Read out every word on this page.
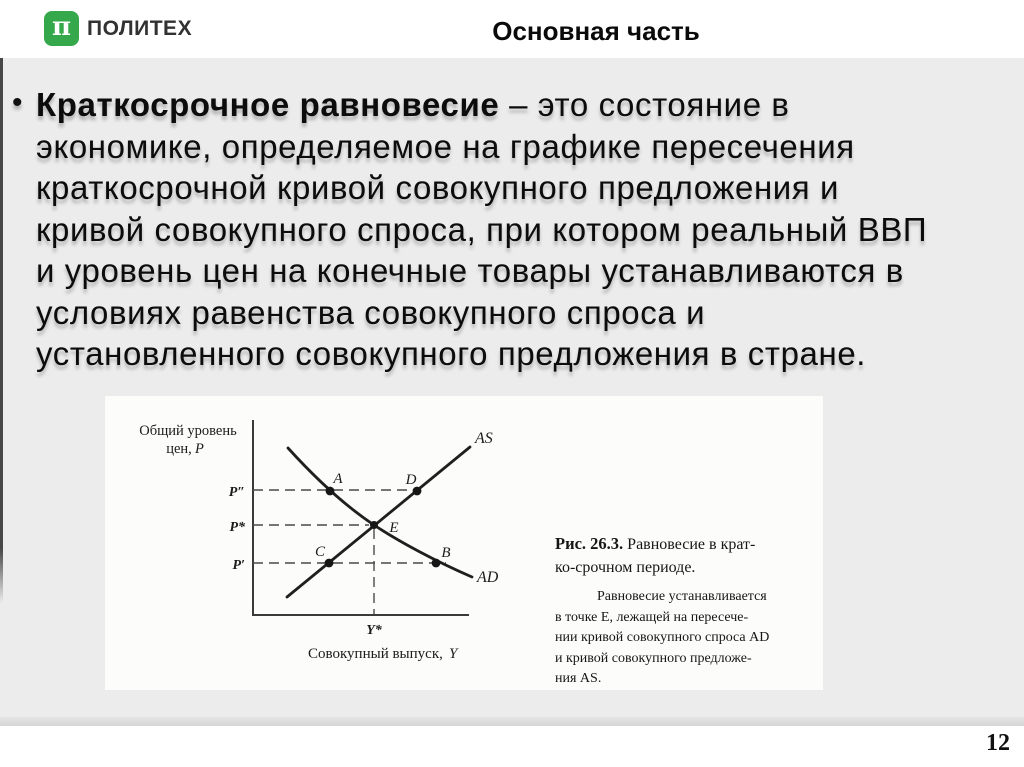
π ПОЛИТЕХ	Основная часть
• Краткосрочное равновесие – это состояние в
экономике, определяемое на графике пересечения
краткосрочной кривой совокупного предложения и
кривой совокупного спроса, при котором реальный ВВП
и уровень цен на конечные товары устанавливаются в
условиях равенства совокупного спроса и
установленного совокупного предложения в стране.
Общий уровень
цен, P
Совокупный выпуск, Y
P″
P*
P′
Y*
AS
AD
A	D
E
C	B	Рис. 26.3. Равновесие в крат-
ко-срочном периоде.
Равновесие устанавливается
в точке Е, лежащей на пересече-
нии кривой совокупного спроса AD
и кривой совокупного предложе-
ния AS.
12
